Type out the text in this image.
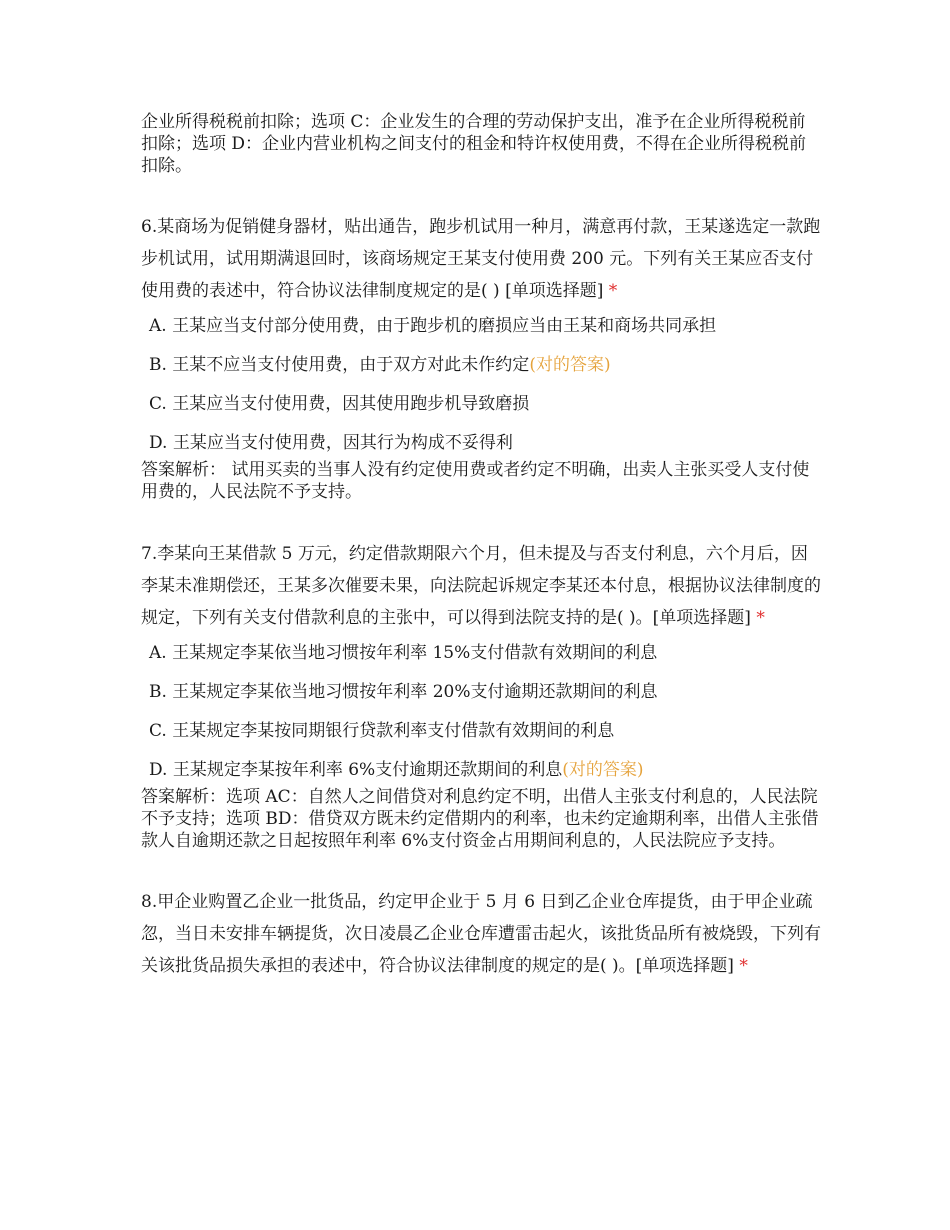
企业所得税税前扣除；选项 C：企业发生的合理的劳动保护支出，准予在企业所得税税前扣除；选项 D：企业内营业机构之间支付的租金和特许权使用费，不得在企业所得税税前扣除。

6.某商场为促销健身器材，贴出通告，跑步机试用一种月，满意再付款，王某遂选定一款跑步机试用，试用期满退回时，该商场规定王某支付使用费 200 元。下列有关王某应否支付使用费的表述中，符合协议法律制度规定的是( ) [单项选择题] *

A. 王某应当支付部分使用费，由于跑步机的磨损应当由王某和商场共同承担
B. 王某不应当支付使用费，由于双方对此未作约定(对的答案)
C. 王某应当支付使用费，因其使用跑步机导致磨损
D. 王某应当支付使用费，因其行为构成不妥得利

答案解析： 试用买卖的当事人没有约定使用费或者约定不明确，出卖人主张买受人支付使用费的，人民法院不予支持。

7.李某向王某借款 5 万元，约定借款期限六个月，但未提及与否支付利息，六个月后，因李某未准期偿还，王某多次催要未果，向法院起诉规定李某还本付息，根据协议法律制度的规定，下列有关支付借款利息的主张中，可以得到法院支持的是( )。[单项选择题] *

A. 王某规定李某依当地习惯按年利率 15%支付借款有效期间的利息
B. 王某规定李某依当地习惯按年利率 20%支付逾期还款期间的利息
C. 王某规定李某按同期银行贷款利率支付借款有效期间的利息
D. 王某规定李某按年利率 6%支付逾期还款期间的利息(对的答案)

答案解析：选项 AC：自然人之间借贷对利息约定不明，出借人主张支付利息的，人民法院不予支持；选项 BD：借贷双方既未约定借期内的利率，也未约定逾期利率，出借人主张借款人自逾期还款之日起按照年利率 6%支付资金占用期间利息的，人民法院应予支持。

8.甲企业购置乙企业一批货品，约定甲企业于 5 月 6 日到乙企业仓库提货，由于甲企业疏忽，当日未安排车辆提货，次日凌晨乙企业仓库遭雷击起火，该批货品所有被烧毁，下列有关该批货品损失承担的表述中，符合协议法律制度的规定的是( )。[单项选择题] *
